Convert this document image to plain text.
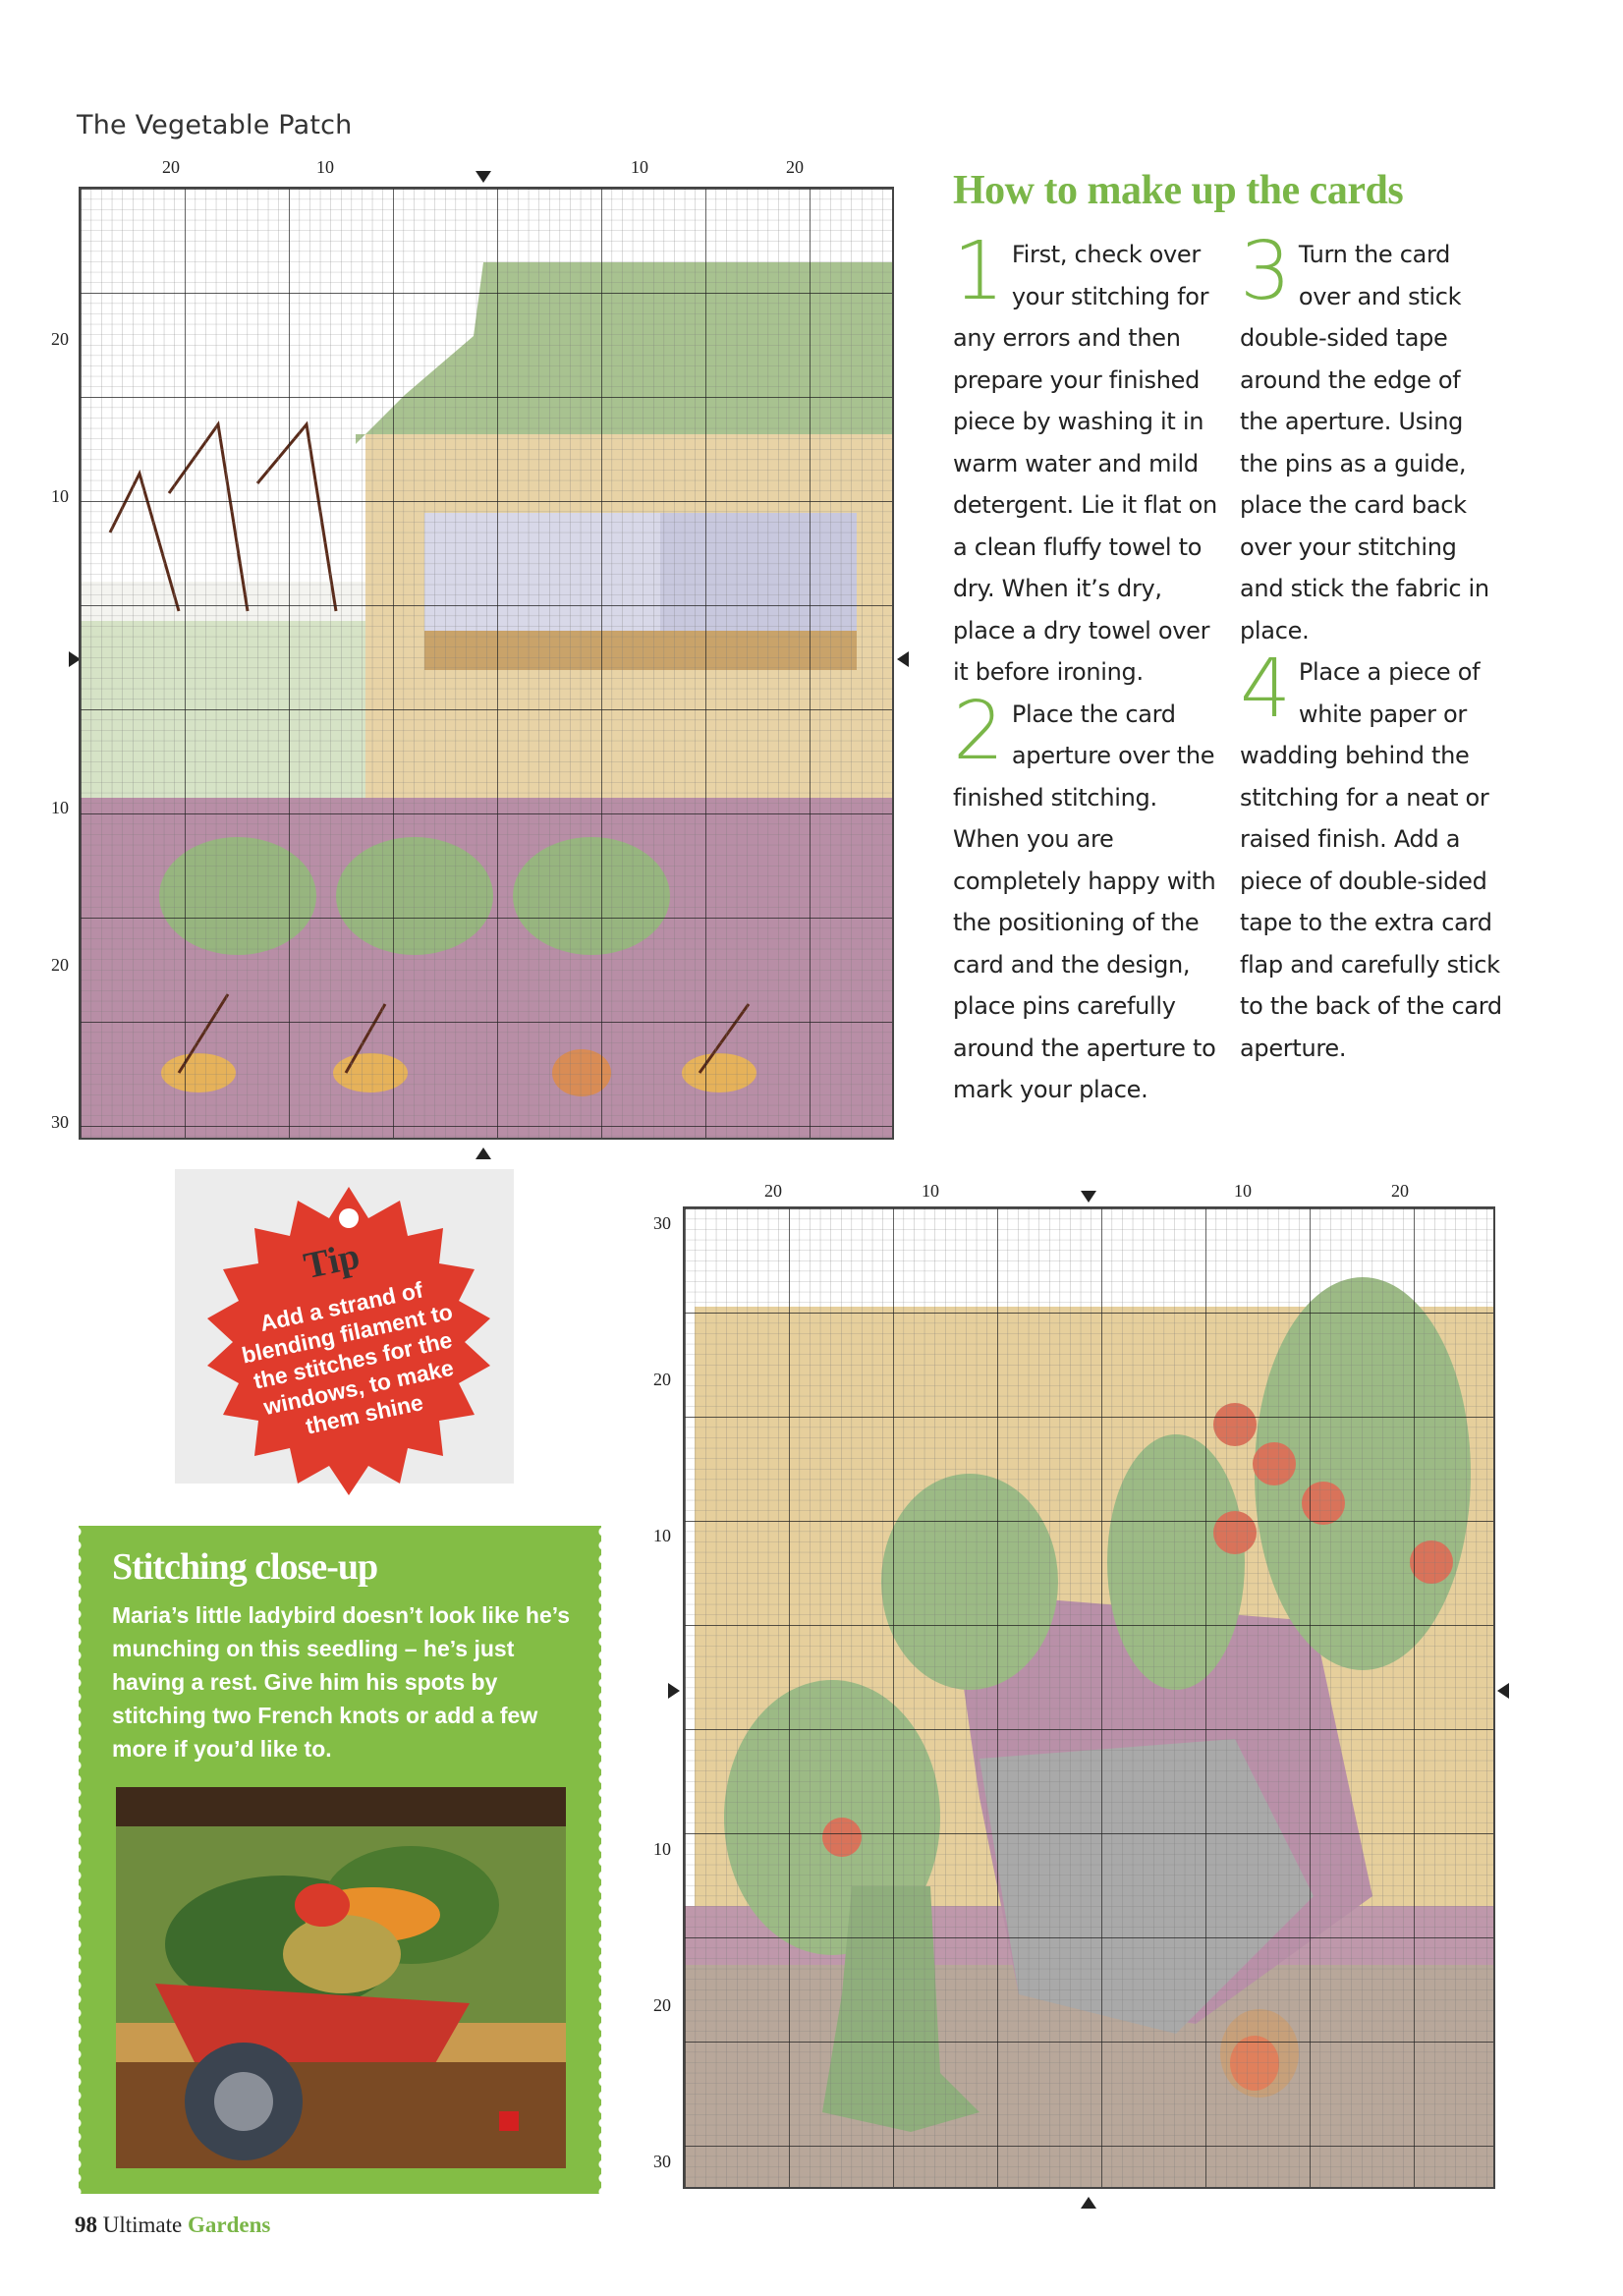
The Vegetable Patch
20	10	10	20
20
10
10
20
30
How to make up the cards

1 First, check over your stitching for any errors and then prepare your finished piece by washing it in warm water and mild detergent. Lie it flat on a clean fluffy towel to dry. When it’s dry, place a dry towel over it before ironing.

2 Place the card aperture over the finished stitching. When you are completely happy with the positioning of the card and the design, place pins carefully around the aperture to mark your place.

3 Turn the card over and stick double-sided tape around the edge of the aperture. Using the pins as a guide, place the card back over your stitching and stick the fabric in place.

4 Place a piece of white paper or wadding behind the stitching for a neat or raised finish. Add a piece of double-sided tape to the extra card flap and carefully stick to the back of the card aperture.

Tip
Add a strand of blending filament to the stitches for the windows, to make them shine
20	10	10	20
30
20
10
10
20
30
Stitching close-up
Maria’s little ladybird doesn’t look like he’s munching on this seedling – he’s just having a rest. Give him his spots by stitching two French knots or add a few more if you’d like to.
98 Ultimate Gardens
